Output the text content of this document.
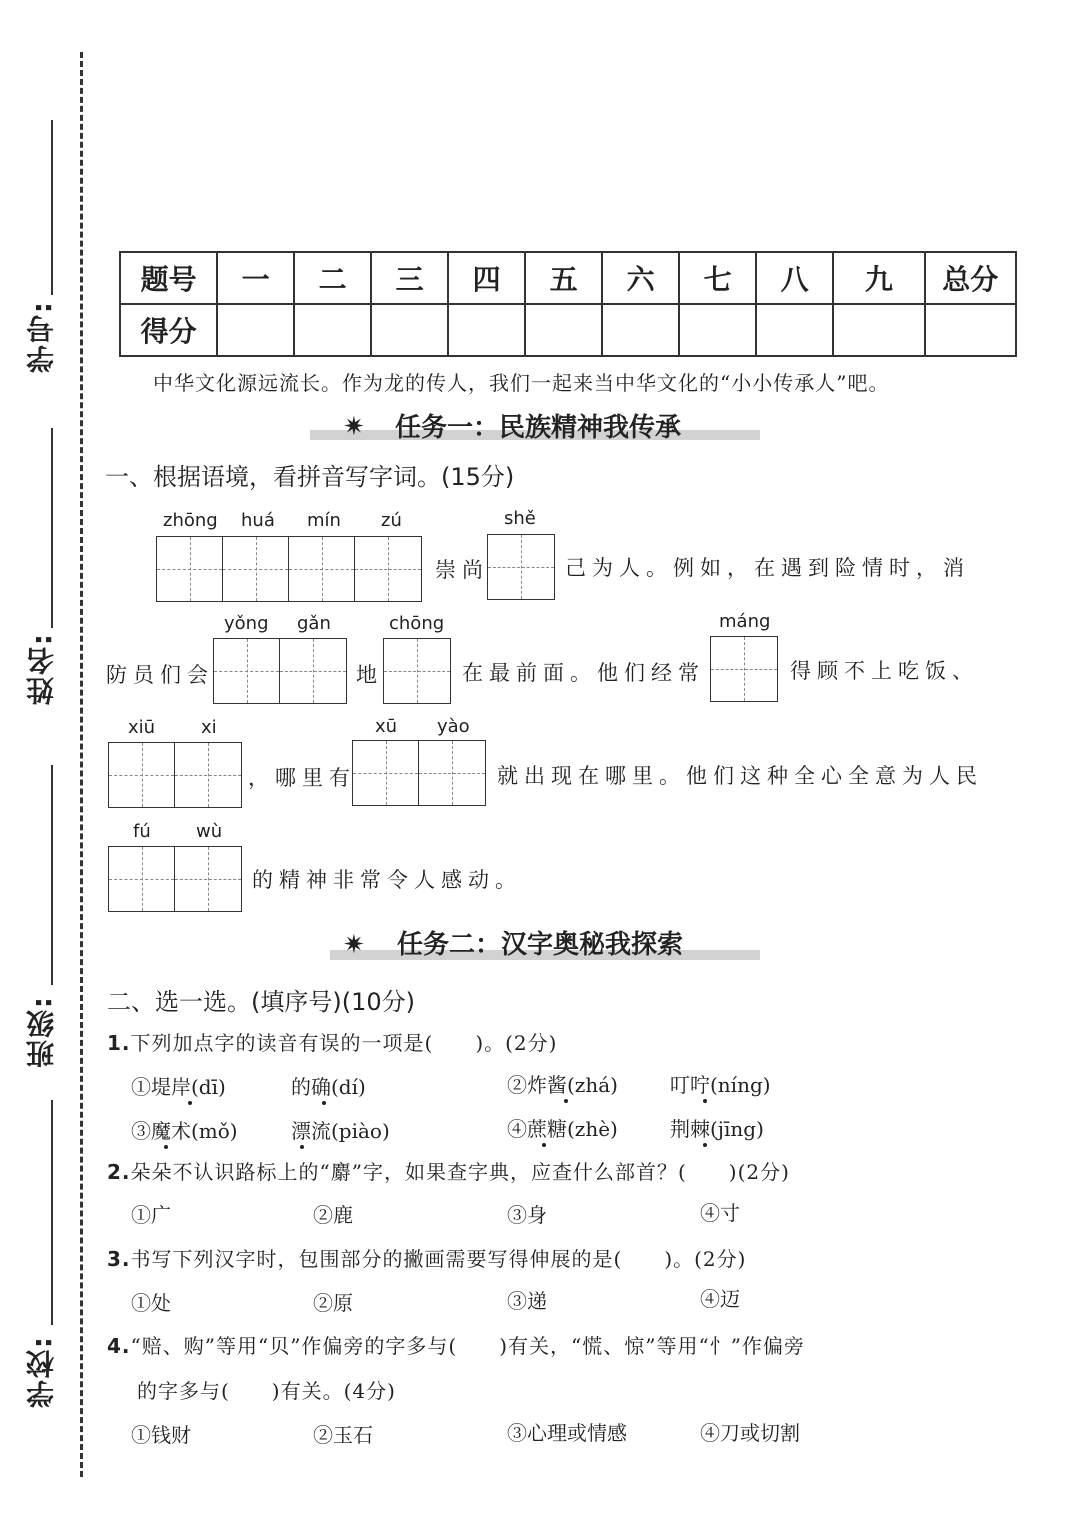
学号:
姓名:
班级:
学校:
题号	一	二	三	四	五	六	七	八	九	总分
得分										
中华文化源远流长。作为龙的传人，我们一起来当中华文化的“小小传承人”吧。
✷ 任务一：民族精神我传承
一、根据语境，看拼音写字词。(15分)
zhōng huá mín zú	shě
崇尚	己为人。例如，在遇到险情时，消
yǒng gǎn	chōng	máng
防员们会	地	在最前面。他们经常	得顾不上吃饭、
xiū	xi	xū yào
，哪里有	就出现在哪里。他们这种全心全意为人民
fú	wù
的精神非常令人感动。
✷ 任务二：汉字奥秘我探索
二、选一选。(填序号)(10分)
1.下列加点字的读音有误的一项是(　　)。(2分)
①堤岸(dī)	的确(dí)	②炸酱(zhá)	叮咛(níng)
③魔术(mǒ)	漂流(piào)	④蔗糖(zhè)	荆棘(jīng)
2.朵朵不认识路标上的“麝”字，如果查字典，应查什么部首？(　　)(2分)
①广	②鹿	③身	④寸
3.书写下列汉字时，包围部分的撇画需要写得伸展的是(　　)。(2分)
①处	②原	③递	④迈
4.“赔、购”等用“贝”作偏旁的字多与(　　)有关，“慌、惊”等用“忄”作偏旁
的字多与(　　)有关。(4分)
①钱财	②玉石	③心理或情感	④刀或切割
